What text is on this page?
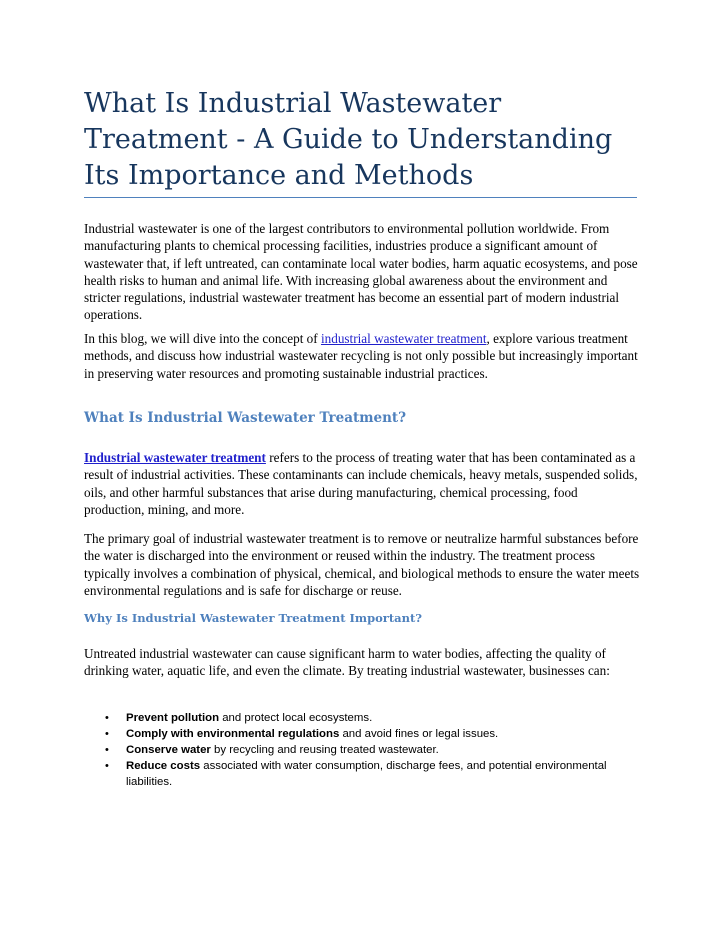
What Is Industrial Wastewater Treatment - A Guide to Understanding Its Importance and Methods

Industrial wastewater is one of the largest contributors to environmental pollution worldwide. From manufacturing plants to chemical processing facilities, industries produce a significant amount of wastewater that, if left untreated, can contaminate local water bodies, harm aquatic ecosystems, and pose health risks to human and animal life. With increasing global awareness about the environment and stricter regulations, industrial wastewater treatment has become an essential part of modern industrial operations.

In this blog, we will dive into the concept of industrial wastewater treatment, explore various treatment methods, and discuss how industrial wastewater recycling is not only possible but increasingly important in preserving water resources and promoting sustainable industrial practices.

What Is Industrial Wastewater Treatment?

Industrial wastewater treatment refers to the process of treating water that has been contaminated as a result of industrial activities. These contaminants can include chemicals, heavy metals, suspended solids, oils, and other harmful substances that arise during manufacturing, chemical processing, food production, mining, and more.

The primary goal of industrial wastewater treatment is to remove or neutralize harmful substances before the water is discharged into the environment or reused within the industry. The treatment process typically involves a combination of physical, chemical, and biological methods to ensure the water meets environmental regulations and is safe for discharge or reuse.

Why Is Industrial Wastewater Treatment Important?

Untreated industrial wastewater can cause significant harm to water bodies, affecting the quality of drinking water, aquatic life, and even the climate. By treating industrial wastewater, businesses can:

• Prevent pollution and protect local ecosystems.
• Comply with environmental regulations and avoid fines or legal issues.
• Conserve water by recycling and reusing treated wastewater.
• Reduce costs associated with water consumption, discharge fees, and potential environmental liabilities.
